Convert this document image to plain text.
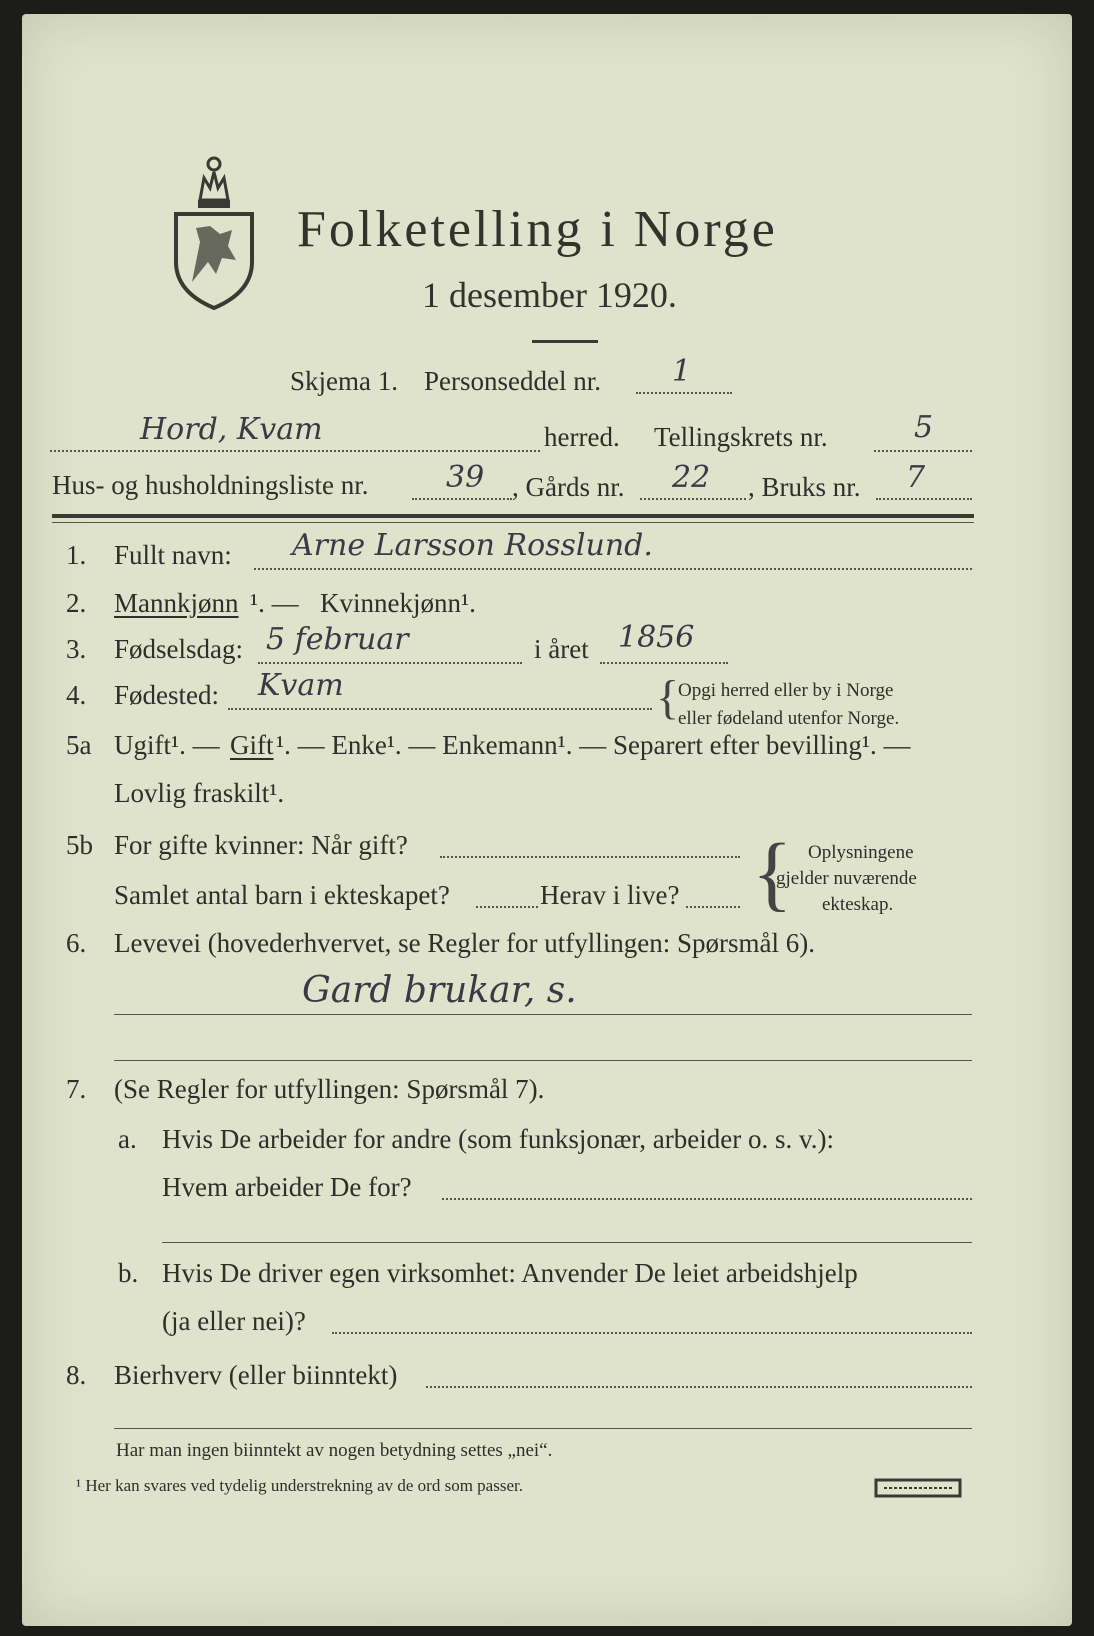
Folketelling i Norge
1 desember 1920.
Skjema 1. Personseddel nr. 1
Hord, Kvam	herred. Tellingskrets nr.	5
Hus- og husholdningsliste nr.	39 , Gårds nr. 22 , Bruks nr. 7
1. Fullt navn: Arne Larsson Rosslund.
2. Mannkjønn ¹. — Kvinnekjønn¹.
3. Fødselsdag: 5 februar	i året 1856
4. Fødested: Kvam	{
Opgi herred eller by i Norge
eller fødeland utenfor Norge.
5a Ugift¹. — Gift ¹. — Enke¹. — Enkemann¹. — Separert efter bevilling¹. —
Lovlig fraskilt¹.
5b For gifte kvinner: Når gift?
Samlet antal barn i ekteskapet?	Herav i live? { Oplysningene
gjelder nuværende
ekteskap.
6. Levevei (hovederhvervet, se Regler for utfyllingen: Spørsmål 6).
Gard brukar, s.
7. (Se Regler for utfyllingen: Spørsmål 7).
a. Hvis De arbeider for andre (som funksjonær, arbeider o. s. v.):
Hvem arbeider De for?
b. Hvis De driver egen virksomhet: Anvender De leiet arbeidshjelp
(ja eller nei)?
8. Bierhverv (eller biinntekt)
Har man ingen biinntekt av nogen betydning settes „nei“.
¹ Her kan svares ved tydelig understrekning av de ord som passer.
